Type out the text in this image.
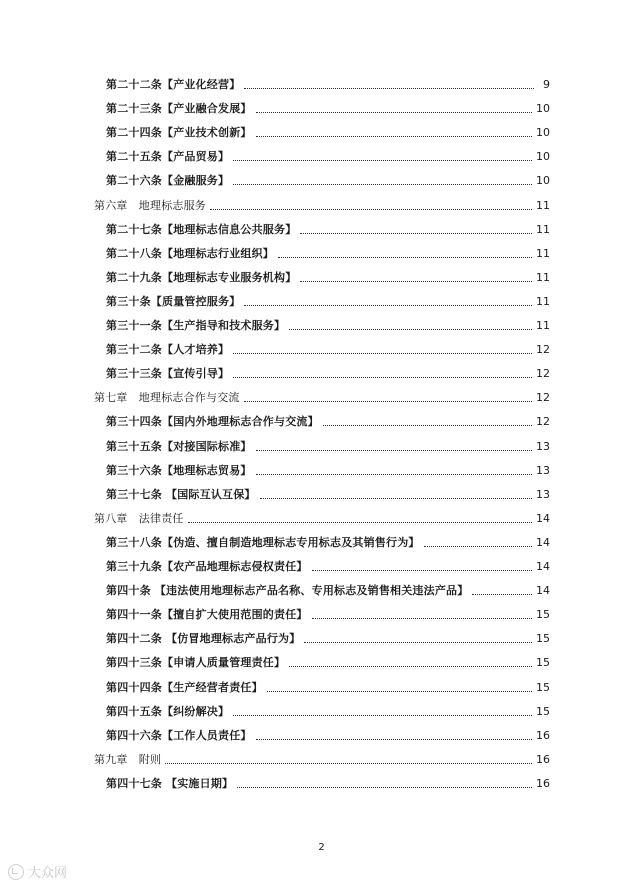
第二十二条【产业化经营】	9
第二十三条【产业融合发展】	10
第二十四条【产业技术创新】	10
第二十五条【产品贸易】	10
第二十六条【金融服务】	10
第六章　地理标志服务	11
第二十七条【地理标志信息公共服务】	11
第二十八条【地理标志行业组织】	11
第二十九条【地理标志专业服务机构】	11
第三十条【质量管控服务】	11
第三十一条【生产指导和技术服务】	11
第三十二条【人才培养】	12
第三十三条【宣传引导】	12
第七章　地理标志合作与交流	12
第三十四条【国内外地理标志合作与交流】	12
第三十五条【对接国际标准】	13
第三十六条【地理标志贸易】	13
第三十七条 【国际互认互保】	13
第八章　法律责任	14
第三十八条【伪造、擅自制造地理标志专用标志及其销售行为】	14
第三十九条【农产品地理标志侵权责任】	14
第四十条 【违法使用地理标志产品名称、专用标志及销售相关违法产品】	14
第四十一条【擅自扩大使用范围的责任】	15
第四十二条 【仿冒地理标志产品行为】	15
第四十三条【申请人质量管理责任】	15
第四十四条【生产经营者责任】	15
第四十五条【纠纷解决】	15
第四十六条【工作人员责任】	16
第九章　附则	16
第四十七条 【实施日期】	16
2
大众网
